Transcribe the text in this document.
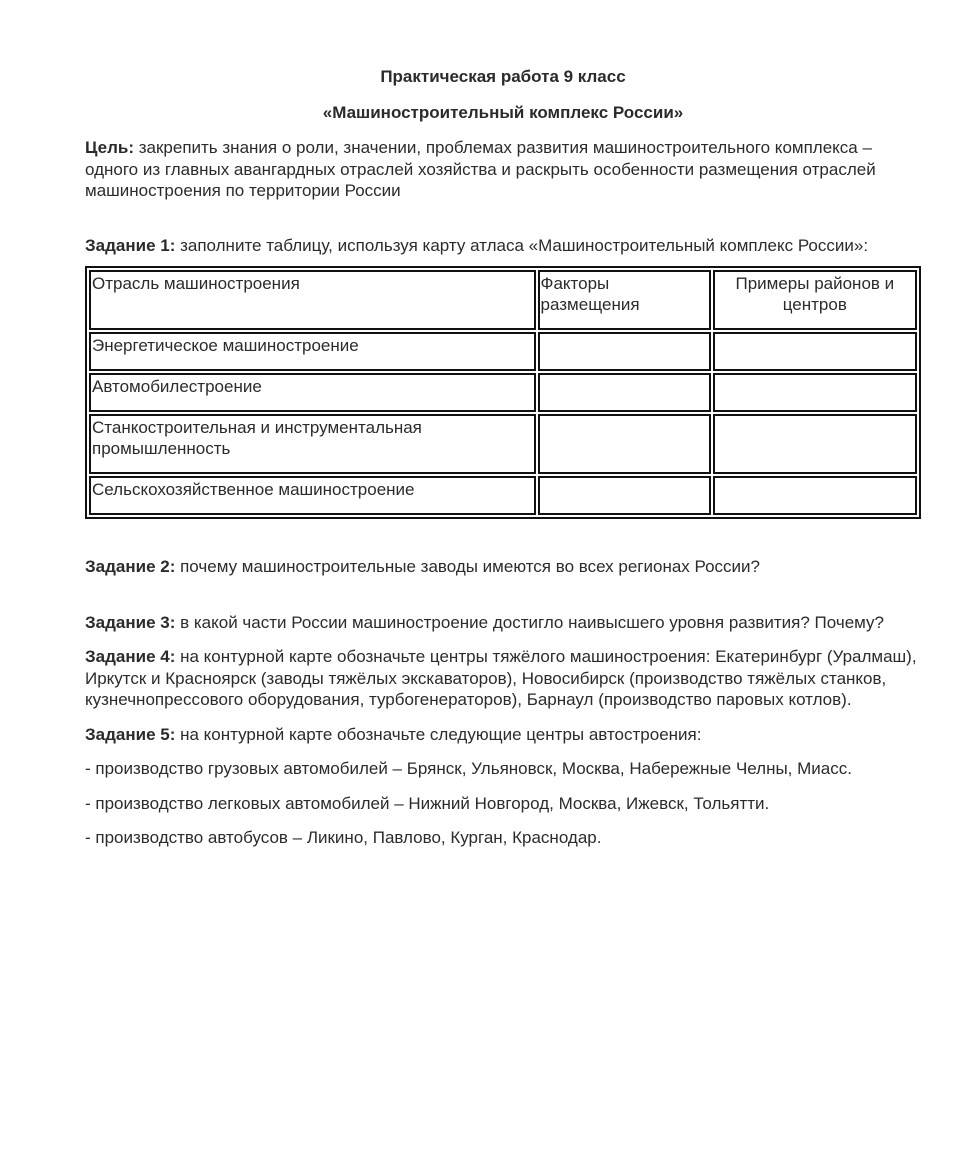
Практическая работа 9 класс

«Машиностроительный комплекс России»

Цель: закрепить знания о роли, значении, проблемах развития машиностроительного комплекса – одного из главных авангардных отраслей хозяйства и раскрыть особенности размещения отраслей машиностроения по территории России

Задание 1: заполните таблицу, используя карту атласа «Машиностроительный комплекс России»:

Отрасль машиностроения	Факторы размещения	Примеры районов и центров
Энергетическое машиностроение		
Автомобилестроение		
Станкостроительная и инструментальная промышленность		
Сельскохозяйственное машиностроение		

Задание 2: почему машиностроительные заводы имеются во всех регионах России?

Задание 3: в какой части России машиностроение достигло наивысшего уровня развития? Почему?

Задание 4: на контурной карте обозначьте центры тяжёлого машиностроения: Екатеринбург (Уралмаш), Иркутск и Красноярск (заводы тяжёлых экскаваторов), Новосибирск (производство тяжёлых станков, кузнечнопрессового оборудования, турбогенераторов), Барнаул (производство паровых котлов).

Задание 5: на контурной карте обозначьте следующие центры автостроения:

- производство грузовых автомобилей – Брянск, Ульяновск, Москва, Набережные Челны, Миасс.

- производство легковых автомобилей – Нижний Новгород, Москва, Ижевск, Тольятти.

- производство автобусов – Ликино, Павлово, Курган, Краснодар.
